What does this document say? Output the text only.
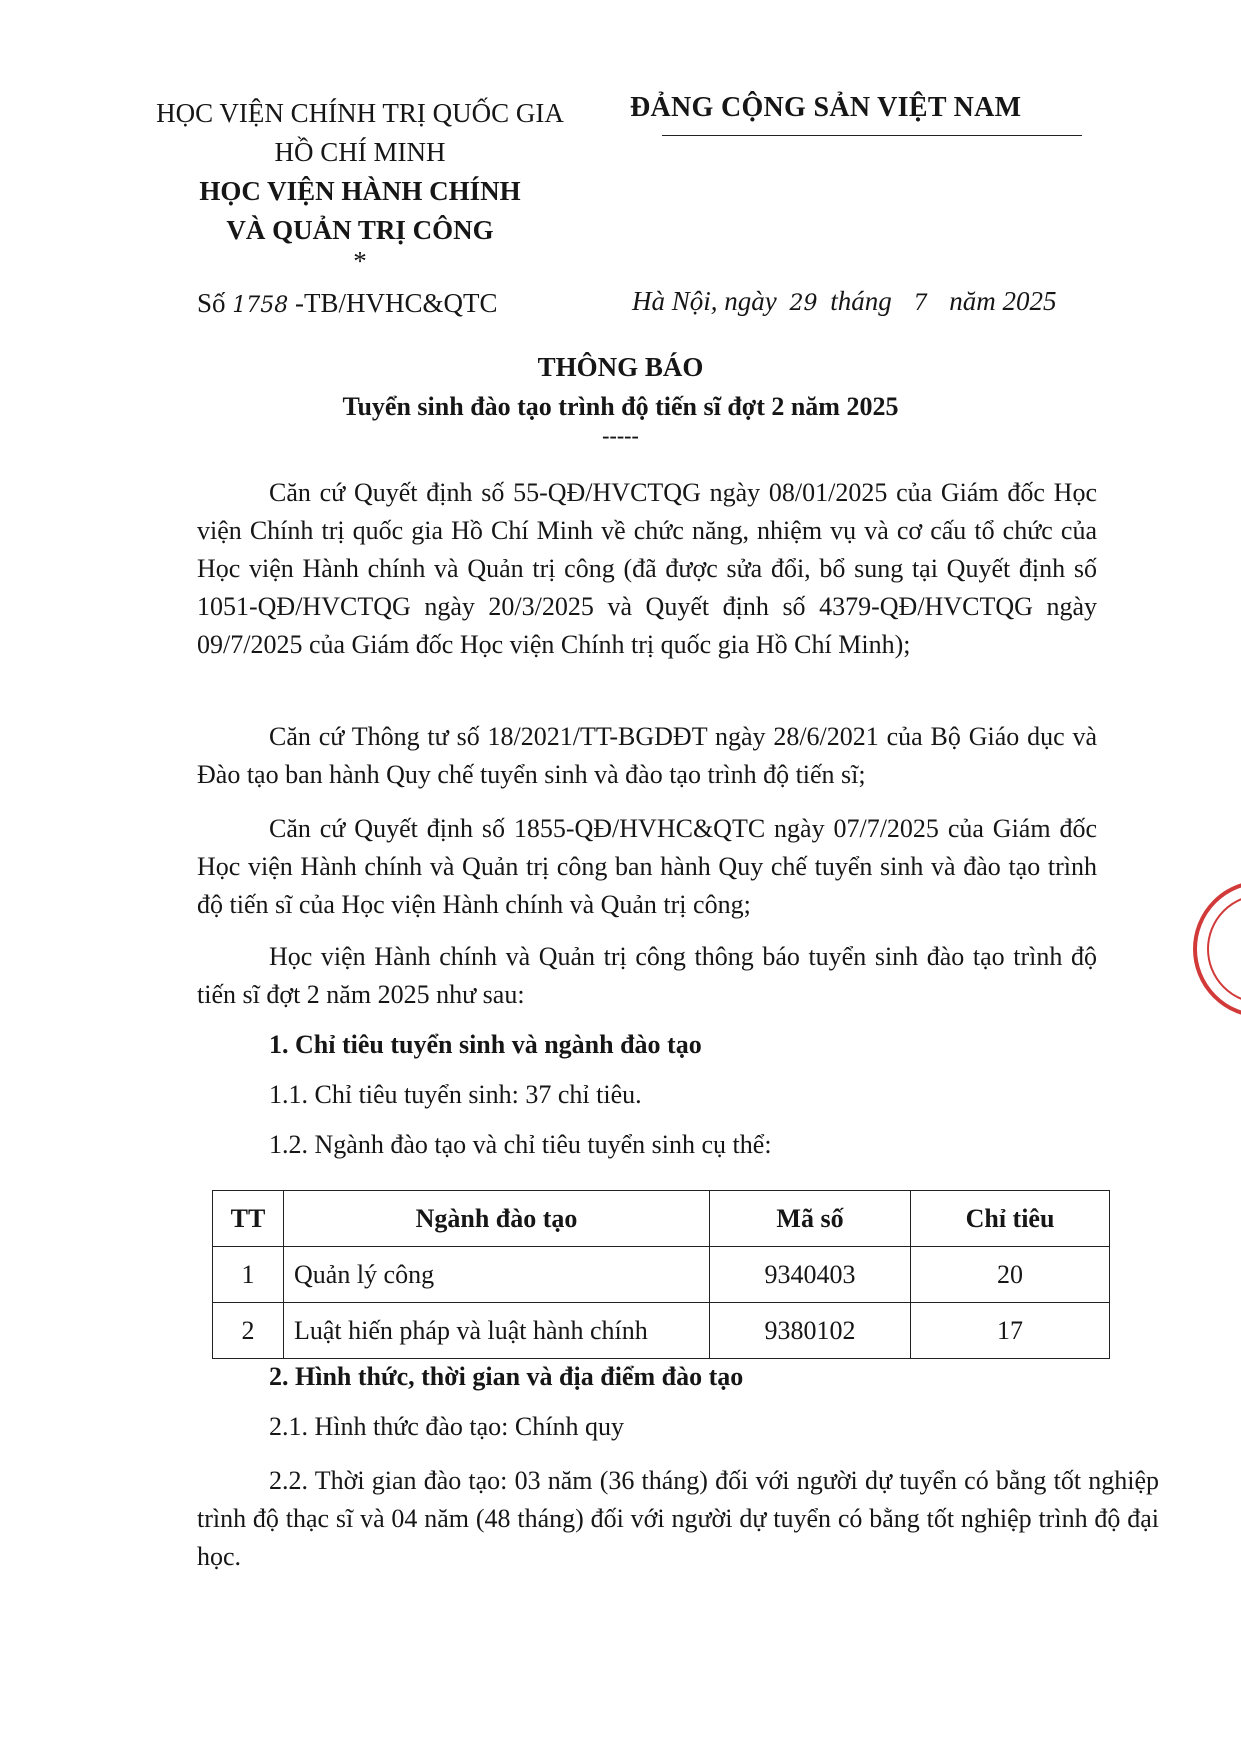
HỌC VIỆN CHÍNH TRỊ QUỐC GIA
HỒ CHÍ MINH
HỌC VIỆN HÀNH CHÍNH
VÀ QUẢN TRỊ CÔNG
*
ĐẢNG CỘNG SẢN VIỆT NAM
Số 1758 -TB/HVHC&QTC	Hà Nội, ngày 29 tháng 7 năm 2025
THÔNG BÁO
Tuyển sinh đào tạo trình độ tiến sĩ đợt 2 năm 2025
-----
Căn cứ Quyết định số 55-QĐ/HVCTQG ngày 08/01/2025 của Giám đốc Học viện Chính trị quốc gia Hồ Chí Minh về chức năng, nhiệm vụ và cơ cấu tổ chức của Học viện Hành chính và Quản trị công (đã được sửa đổi, bổ sung tại Quyết định số 1051-QĐ/HVCTQG ngày 20/3/2025 và Quyết định số 4379-QĐ/HVCTQG ngày 09/7/2025 của Giám đốc Học viện Chính trị quốc gia Hồ Chí Minh);
Căn cứ Thông tư số 18/2021/TT-BGDĐT ngày 28/6/2021 của Bộ Giáo dục và Đào tạo ban hành Quy chế tuyển sinh và đào tạo trình độ tiến sĩ;
Căn cứ Quyết định số 1855-QĐ/HVHC&QTC ngày 07/7/2025 của Giám đốc Học viện Hành chính và Quản trị công ban hành Quy chế tuyển sinh và đào tạo trình độ tiến sĩ của Học viện Hành chính và Quản trị công;
Học viện Hành chính và Quản trị công thông báo tuyển sinh đào tạo trình độ tiến sĩ đợt 2 năm 2025 như sau:
1. Chỉ tiêu tuyển sinh và ngành đào tạo
1.1. Chỉ tiêu tuyển sinh: 37 chỉ tiêu.
1.2. Ngành đào tạo và chỉ tiêu tuyển sinh cụ thể:
TT	Ngành đào tạo	Mã số	Chỉ tiêu
1	Quản lý công	9340403	20
2	Luật hiến pháp và luật hành chính	9380102	17
2. Hình thức, thời gian và địa điểm đào tạo
2.1. Hình thức đào tạo: Chính quy
2.2. Thời gian đào tạo: 03 năm (36 tháng) đối với người dự tuyển có bằng tốt nghiệp trình độ thạc sĩ và 04 năm (48 tháng) đối với người dự tuyển có bằng tốt nghiệp trình độ đại học.
